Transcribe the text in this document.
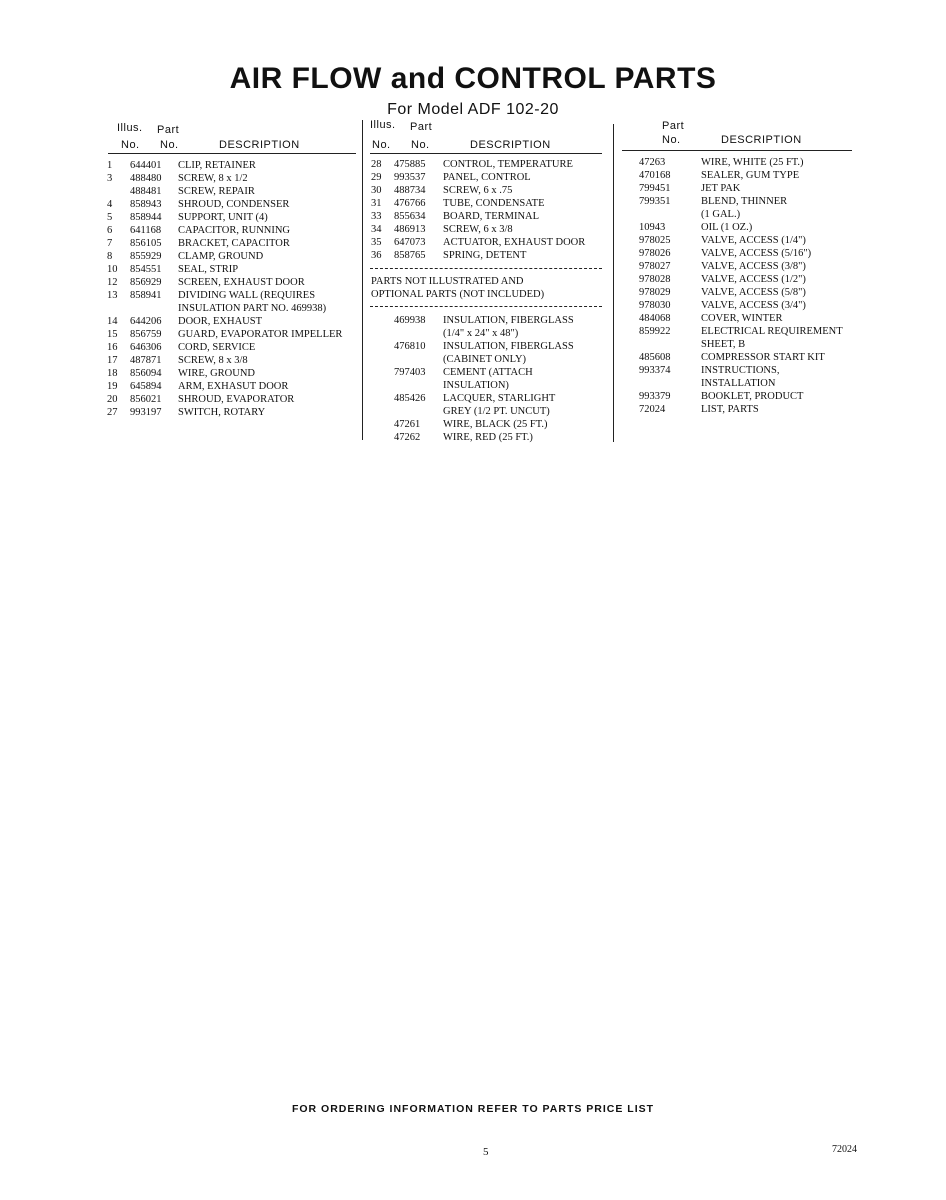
AIR FLOW and CONTROL PARTS
For Model ADF 102-20
Illus. Part
No. No.	DESCRIPTION
Illus. Part
No. No.	DESCRIPTION
Part
No.	DESCRIPTION
1	644401 CLIP, RETAINER
3	488480 SCREW, 8 x 1/2
488481 SCREW, REPAIR
4	858943 SHROUD, CONDENSER
5	858944 SUPPORT, UNIT (4)
6	641168 CAPACITOR, RUNNING
7	856105 BRACKET, CAPACITOR
8	855929 CLAMP, GROUND
10	854551 SEAL, STRIP
12	856929 SCREEN, EXHAUST DOOR
13	858941 DIVIDING WALL (REQUIRES
INSULATION PART NO. 469938)
14	644206 DOOR, EXHAUST
15	856759 GUARD, EVAPORATOR IMPELLER
16	646306 CORD, SERVICE
17	487871 SCREW, 8 x 3/8
18	856094 WIRE, GROUND
19	645894 ARM, EXHASUT DOOR
20	856021 SHROUD, EVAPORATOR
27	993197 SWITCH, ROTARY
28	475885 CONTROL, TEMPERATURE
29	993537 PANEL, CONTROL
30	488734 SCREW, 6 x .75
31	476766 TUBE, CONDENSATE
33	855634 BOARD, TERMINAL
34	486913 SCREW, 6 x 3/8
35	647073 ACTUATOR, EXHAUST DOOR
36	858765 SPRING, DETENT
PARTS NOT ILLUSTRATED AND
OPTIONAL PARTS (NOT INCLUDED)
469938 INSULATION, FIBERGLASS
(1/4" x 24" x 48")
476810 INSULATION, FIBERGLASS
(CABINET ONLY)
797403 CEMENT (ATTACH
INSULATION)
485426 LACQUER, STARLIGHT
GREY (1/2 PT. UNCUT)
47261 WIRE, BLACK (25 FT.)
47262 WIRE, RED (25 FT.)
47263	WIRE, WHITE (25 FT.)
470168	SEALER, GUM TYPE
799451	JET PAK
799351	BLEND, THINNER
(1 GAL.)
10943	OIL (1 OZ.)
978025	VALVE, ACCESS (1/4")
978026	VALVE, ACCESS (5/16")
978027	VALVE, ACCESS (3/8")
978028	VALVE, ACCESS (1/2")
978029	VALVE, ACCESS (5/8")
978030	VALVE, ACCESS (3/4")
484068	COVER, WINTER
859922	ELECTRICAL REQUIREMENT
SHEET, B
485608	COMPRESSOR START KIT
993374	INSTRUCTIONS,
INSTALLATION
993379	BOOKLET, PRODUCT
72024	LIST, PARTS
FOR ORDERING INFORMATION REFER TO PARTS PRICE LIST
5	72024
